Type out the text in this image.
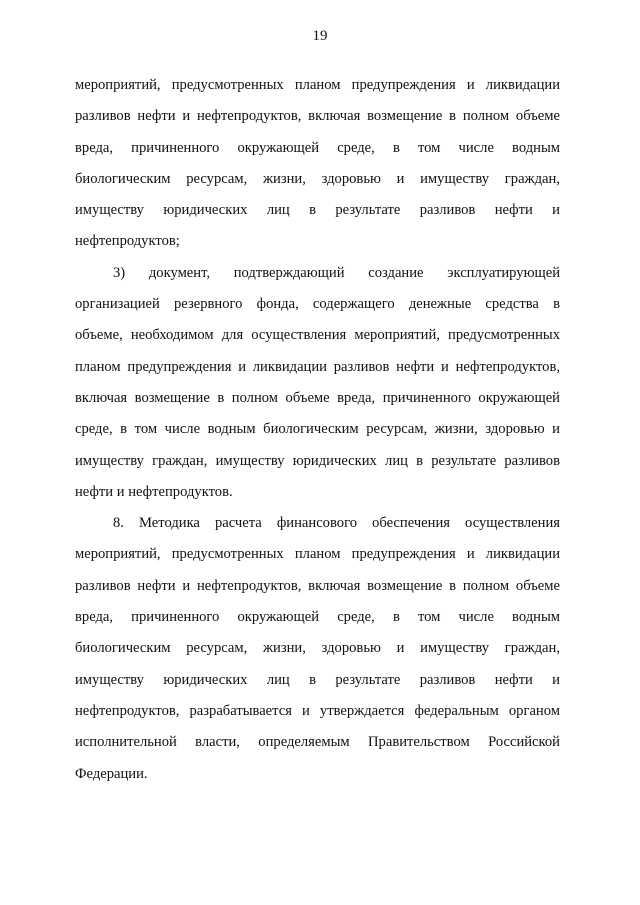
19

мероприятий, предусмотренных планом предупреждения и ликвидации
разливов нефти и нефтепродуктов, включая возмещение в полном объеме
вреда, причиненного окружающей среде, в том числе водным
биологическим ресурсам, жизни, здоровью и имуществу граждан,
имуществу юридических лиц в результате разливов нефти и
нефтепродуктов;

3) документ, подтверждающий создание эксплуатирующей
организацией резервного фонда, содержащего денежные средства в
объеме, необходимом для осуществления мероприятий, предусмотренных
планом предупреждения и ликвидации разливов нефти и нефтепродуктов,
включая возмещение в полном объеме вреда, причиненного окружающей
среде, в том числе водным биологическим ресурсам, жизни, здоровью и
имуществу граждан, имуществу юридических лиц в результате разливов
нефти и нефтепродуктов.

8. Методика расчета финансового обеспечения осуществления
мероприятий, предусмотренных планом предупреждения и ликвидации
разливов нефти и нефтепродуктов, включая возмещение в полном объеме
вреда, причиненного окружающей среде, в том числе водным
биологическим ресурсам, жизни, здоровью и имуществу граждан,
имуществу юридических лиц в результате разливов нефти и
нефтепродуктов, разрабатывается и утверждается федеральным органом
исполнительной власти, определяемым Правительством Российской
Федерации.
